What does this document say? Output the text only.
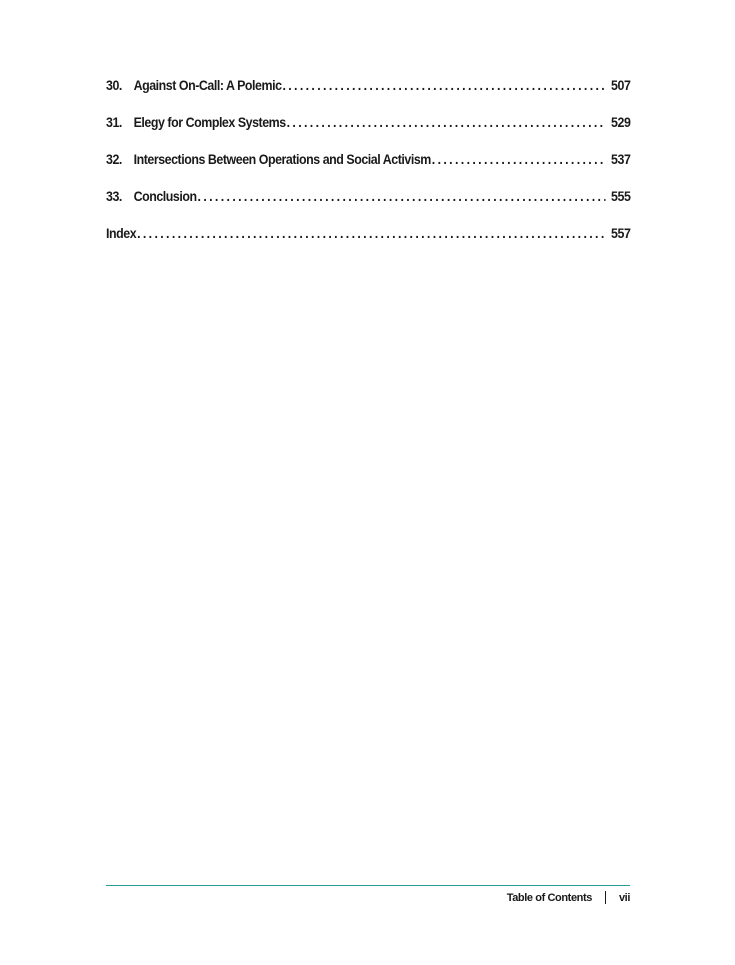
30. Against On-Call: A Polemic . . .	507
31. Elegy for Complex Systems . . .	529
32. Intersections Between Operations and Social Activism . . .	537
33. Conclusion . . .	555
Index . . .	557
Table of Contents vii
